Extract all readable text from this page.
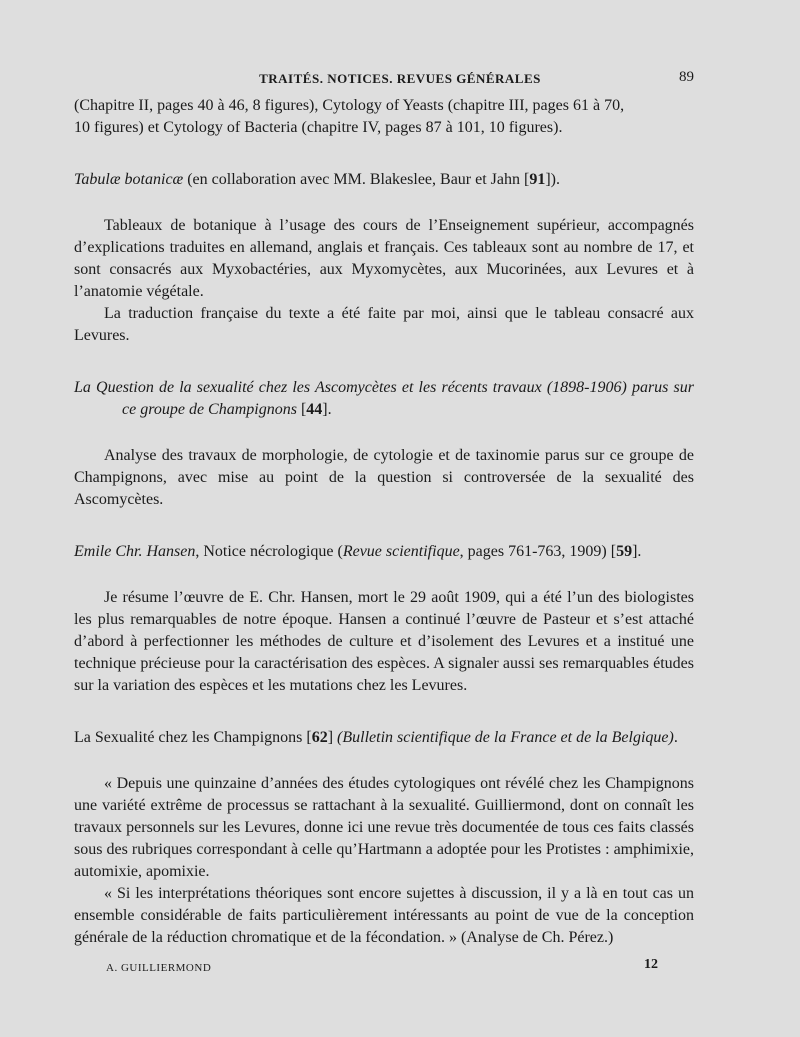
TRAITÉS. NOTICES. REVUES GÉNÉRALES	89

(Chapitre II, pages 40 à 46, 8 figures), Cytology of Yeasts (chapitre III, pages 61 à 70,

10 figures) et Cytology of Bacteria (chapitre IV, pages 87 à 101, 10 figures).

Tabulæ botanicæ (en collaboration avec MM. Blakeslee, Baur et Jahn [91]).

Tableaux de botanique à l’usage des cours de l’Enseignement supérieur, accompagnés d’explications traduites en allemand, anglais et français. Ces tableaux sont au nombre de 17, et sont consacrés aux Myxobactéries, aux Myxomycètes, aux Mucorinées, aux Levures et à l’anatomie végétale.

La traduction française du texte a été faite par moi, ainsi que le tableau consacré aux Levures.

La Question de la sexualité chez les Ascomycètes et les récents travaux (1898-1906) parus sur ce groupe de Champignons [44].

Analyse des travaux de morphologie, de cytologie et de taxinomie parus sur ce groupe de Champignons, avec mise au point de la question si controversée de la sexualité des Ascomycètes.

Emile Chr. Hansen, Notice nécrologique (Revue scientifique, pages 761-763, 1909) [59].

Je résume l’œuvre de E. Chr. Hansen, mort le 29 août 1909, qui a été l’un des biologistes les plus remarquables de notre époque. Hansen a continué l’œuvre de Pasteur et s’est attaché d’abord à perfectionner les méthodes de culture et d’isolement des Levures et a institué une technique précieuse pour la caractérisation des espèces. A signaler aussi ses remarquables études sur la variation des espèces et les mutations chez les Levures.

La Sexualité chez les Champignons [62] (Bulletin scientifique de la France et de la Belgique).

« Depuis une quinzaine d’années des études cytologiques ont révélé chez les Champignons une variété extrême de processus se rattachant à la sexualité. Guilliermond, dont on connaît les travaux personnels sur les Levures, donne ici une revue très documentée de tous ces faits classés sous des rubriques correspondant à celle qu’Hartmann a adoptée pour les Protistes : amphimixie, automixie, apomixie.

« Si les interprétations théoriques sont encore sujettes à discussion, il y a là en tout cas un ensemble considérable de faits particulièrement intéressants au point de vue de la conception générale de la réduction chromatique et de la fécondation. » (Analyse de Ch. Pérez.)

A. GUILLIERMOND	12
